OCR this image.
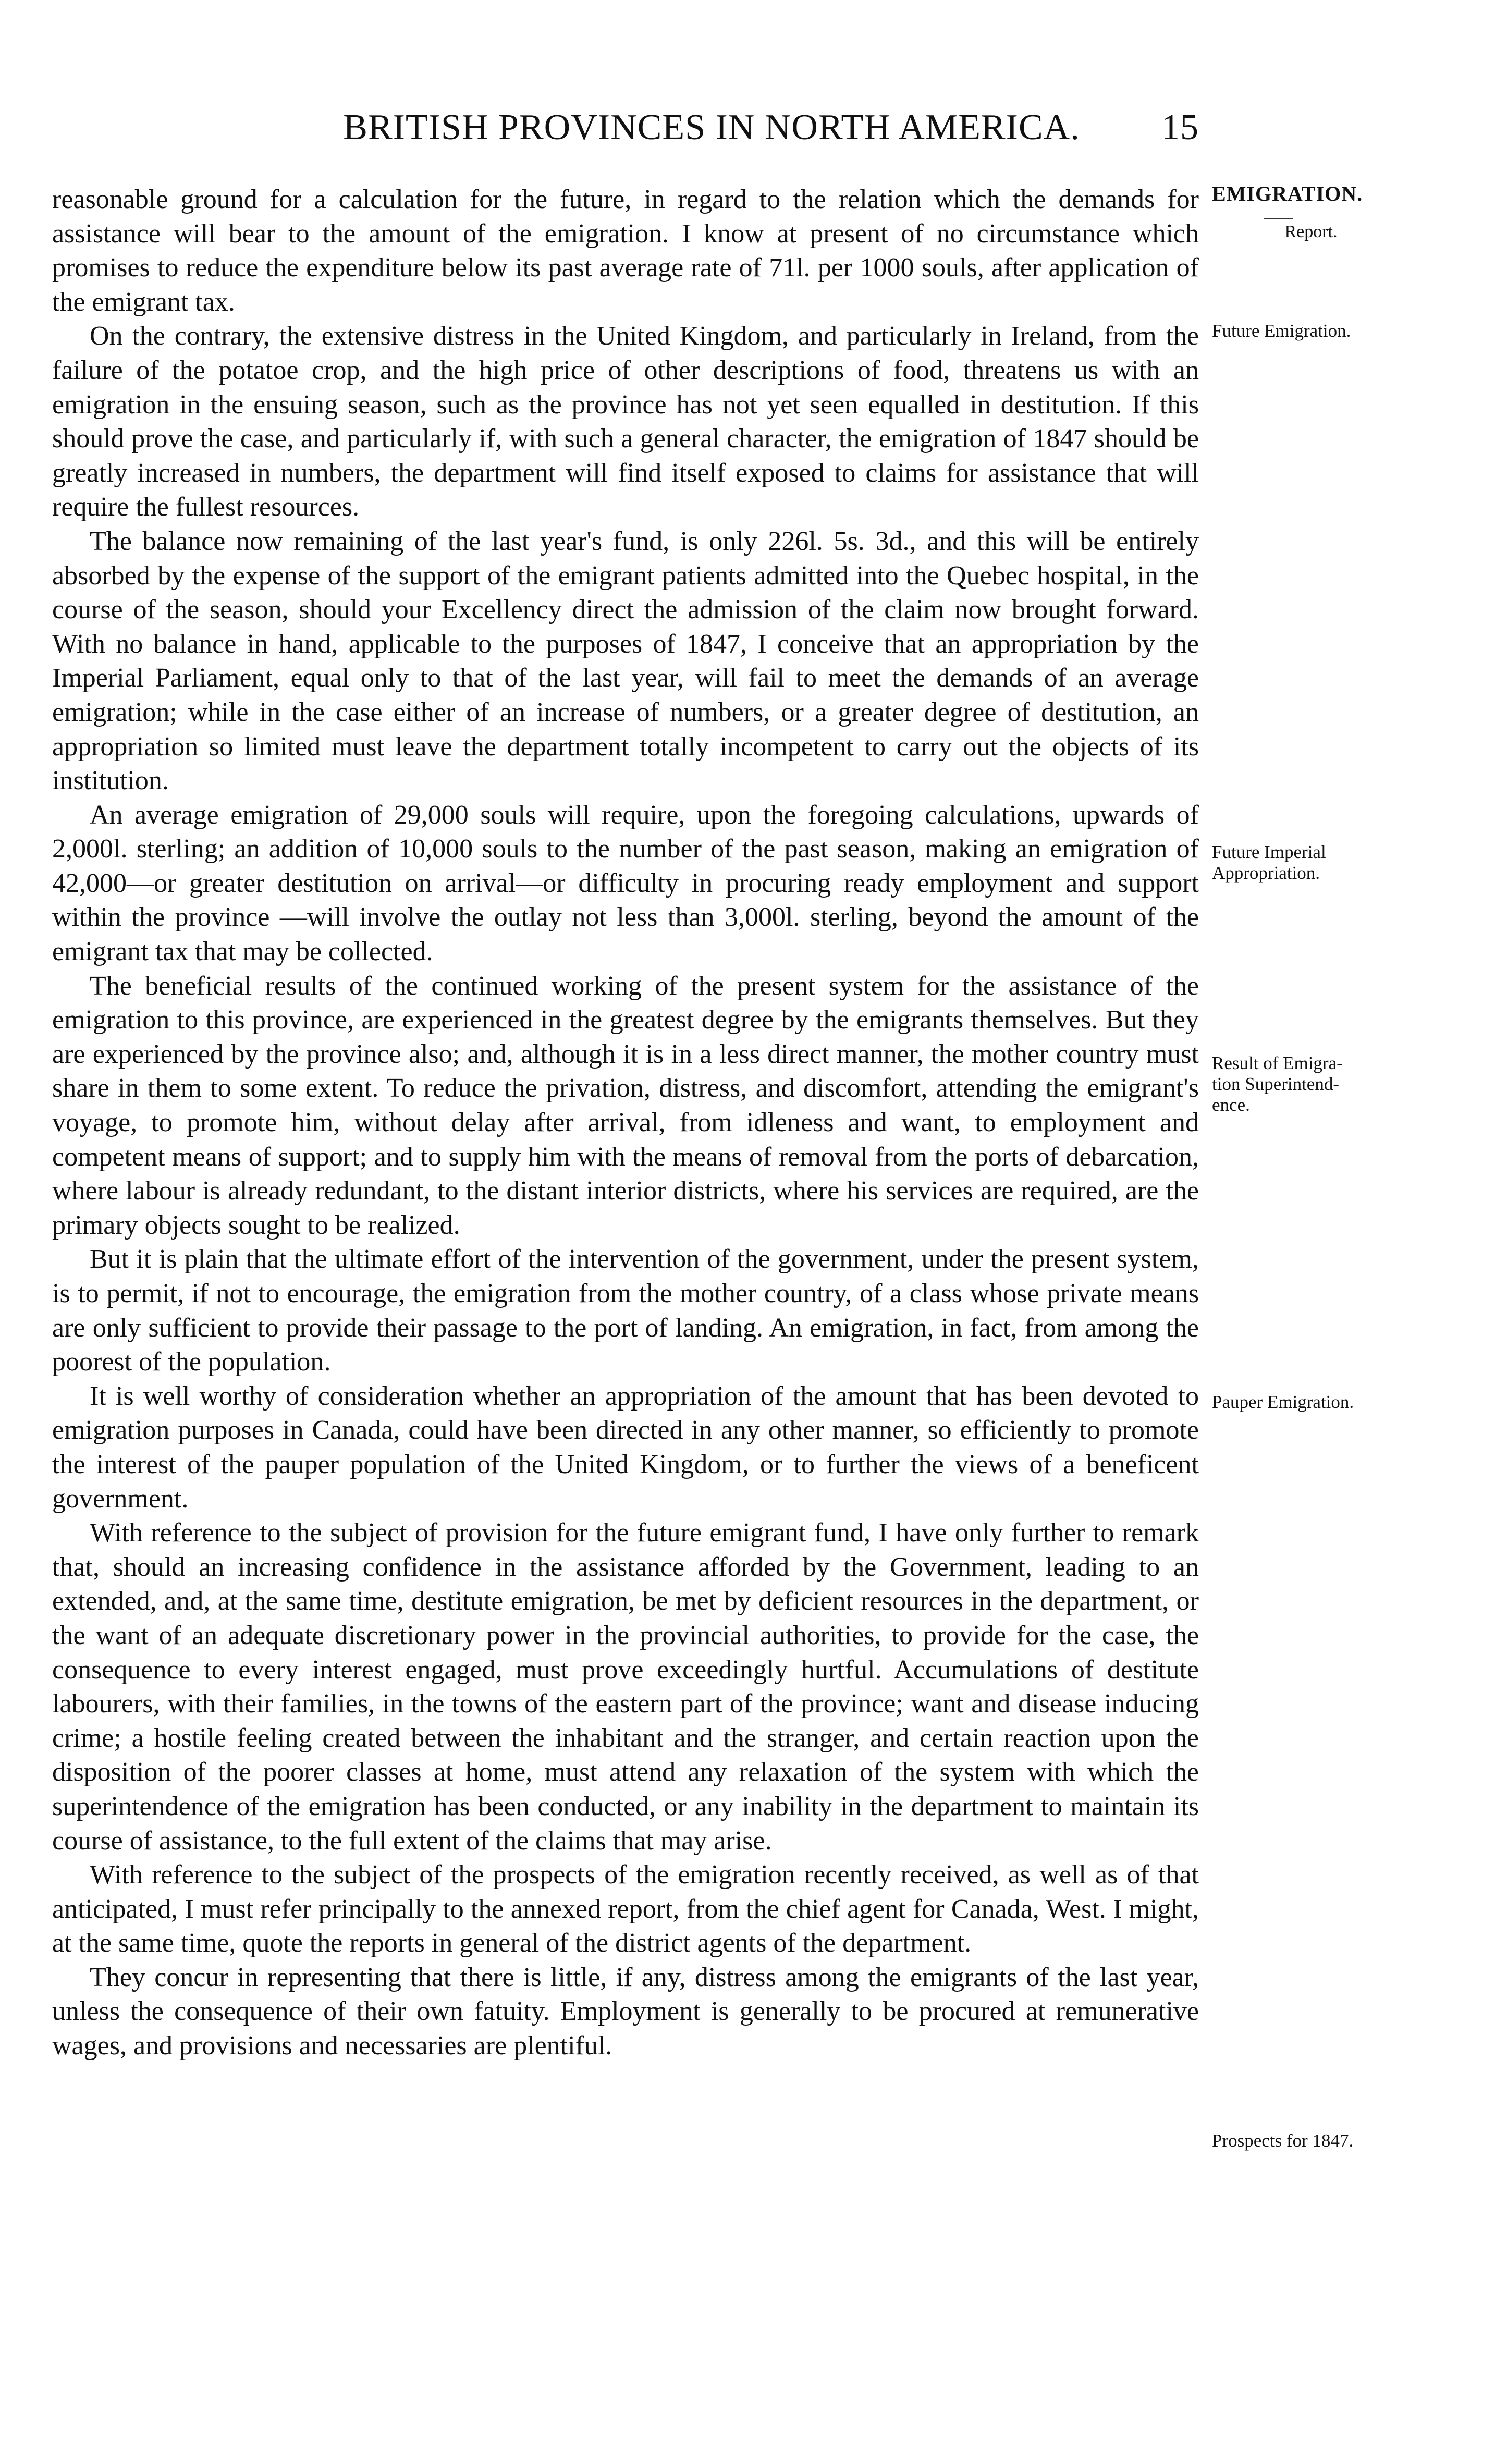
BRITISH PROVINCES IN NORTH AMERICA.	15

reasonable ground for a calculation for the future, in regard to the relation which the demands for assistance will bear to the amount of the emigration. I know at present of no circumstance which promises to reduce the expenditure below its past average rate of 71l. per 1000 souls, after application of the emigrant tax.

On the contrary, the extensive distress in the United Kingdom, and particularly in Ireland, from the failure of the potatoe crop, and the high price of other descriptions of food, threatens us with an emigration in the ensuing season, such as the province has not yet seen equalled in destitution. If this should prove the case, and particularly if, with such a general character, the emigration of 1847 should be greatly increased in numbers, the department will find itself exposed to claims for assistance that will require the fullest resources.

The balance now remaining of the last year's fund, is only 226l. 5s. 3d., and this will be entirely absorbed by the expense of the support of the emigrant patients admitted into the Quebec hospital, in the course of the season, should your Excellency direct the admission of the claim now brought forward. With no balance in hand, applicable to the purposes of 1847, I conceive that an appropriation by the Imperial Parliament, equal only to that of the last year, will fail to meet the demands of an average emigration; while in the case either of an increase of numbers, or a greater degree of destitution, an appropriation so limited must leave the department totally incompetent to carry out the objects of its institution.

An average emigration of 29,000 souls will require, upon the foregoing calculations, upwards of 2,000l. sterling; an addition of 10,000 souls to the number of the past season, making an emigration of 42,000—or greater destitution on arrival—or difficulty in procuring ready employment and support within the province —will involve the outlay not less than 3,000l. sterling, beyond the amount of the emigrant tax that may be collected.

The beneficial results of the continued working of the present system for the assistance of the emigration to this province, are experienced in the greatest degree by the emigrants themselves. But they are experienced by the province also; and, although it is in a less direct manner, the mother country must share in them to some extent. To reduce the privation, distress, and discomfort, attending the emigrant's voyage, to promote him, without delay after arrival, from idleness and want, to employment and competent means of support; and to supply him with the means of removal from the ports of debarcation, where labour is already redundant, to the distant interior districts, where his services are required, are the primary objects sought to be realized.

But it is plain that the ultimate effort of the intervention of the government, under the present system, is to permit, if not to encourage, the emigration from the mother country, of a class whose private means are only sufficient to provide their passage to the port of landing. An emigration, in fact, from among the poorest of the population.

It is well worthy of consideration whether an appropriation of the amount that has been devoted to emigration purposes in Canada, could have been directed in any other manner, so efficiently to promote the interest of the pauper population of the United Kingdom, or to further the views of a beneficent government.

With reference to the subject of provision for the future emigrant fund, I have only further to remark that, should an increasing confidence in the assistance afforded by the Government, leading to an extended, and, at the same time, destitute emigration, be met by deficient resources in the department, or the want of an adequate discretionary power in the provincial authorities, to provide for the case, the consequence to every interest engaged, must prove exceedingly hurtful. Accumulations of destitute labourers, with their families, in the towns of the eastern part of the province; want and disease inducing crime; a hostile feeling created between the inhabitant and the stranger, and certain reaction upon the disposition of the poorer classes at home, must attend any relaxation of the system with which the superintendence of the emigration has been conducted, or any inability in the department to maintain its course of assistance, to the full extent of the claims that may arise.

With reference to the subject of the prospects of the emigration recently received, as well as of that anticipated, I must refer principally to the annexed report, from the chief agent for Canada, West. I might, at the same time, quote the reports in general of the district agents of the department.

They concur in representing that there is little, if any, distress among the emigrants of the last year, unless the consequence of their own fatuity. Employment is generally to be procured at remunerative wages, and provisions and necessaries are plentiful.

EMIGRATION.
Report.
Future Emigration.
Future Imperial
Appropriation.
Result of Emigra-
tion Superintend-
ence.
Pauper Emigration.
Prospects for 1847.
